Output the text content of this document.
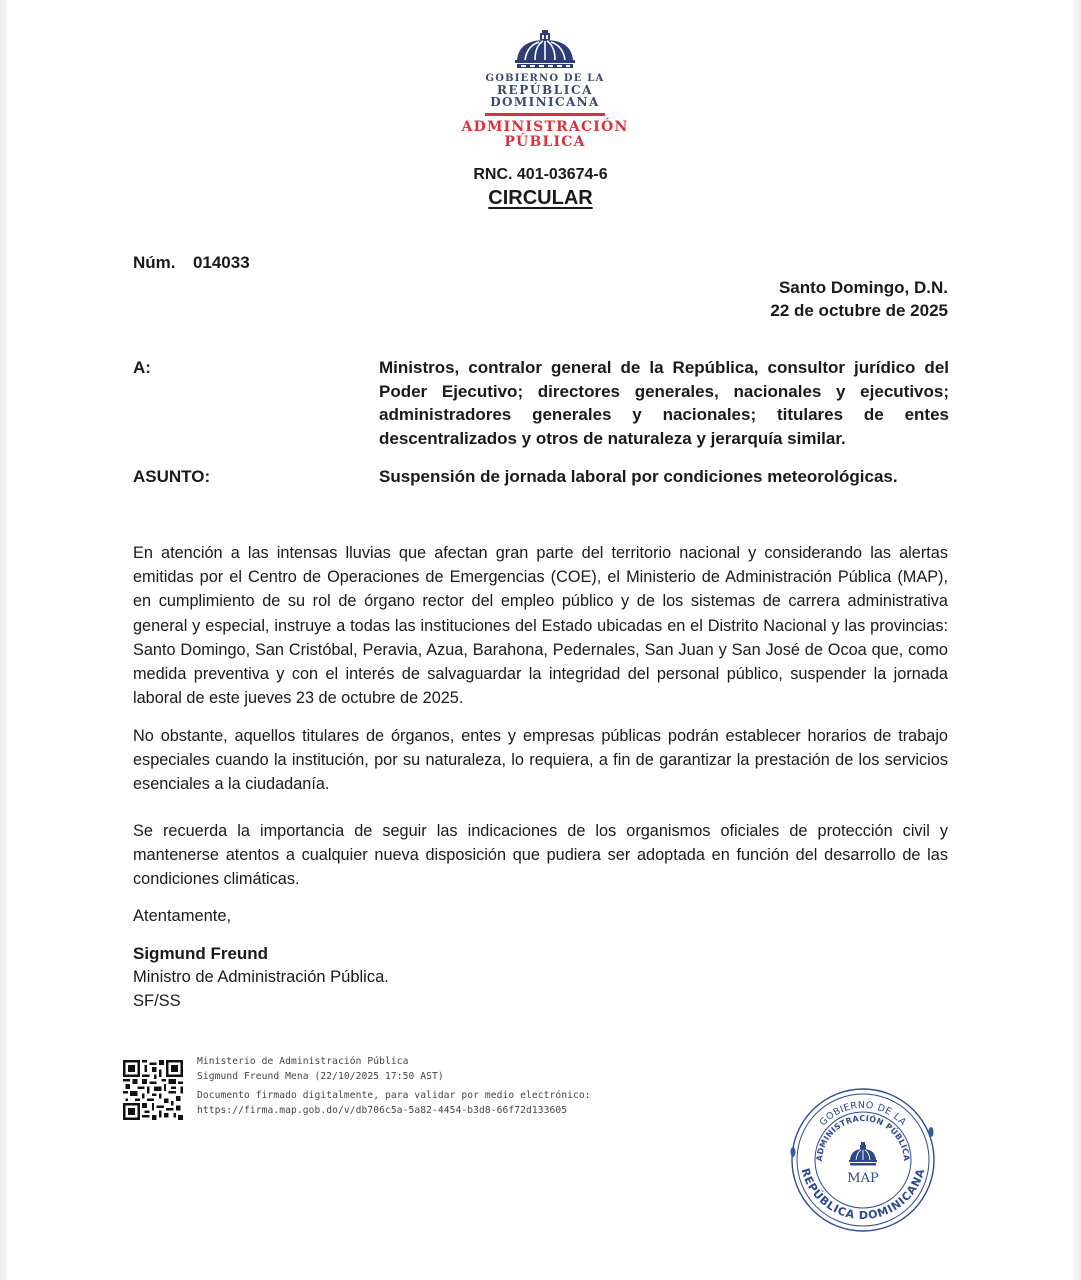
GOBIERNO DE LA
REPÚBLICA
DOMINICANA
ADMINISTRACIÓN
PÚBLICA
RNC. 401-03674-6
CIRCULAR
Núm.  014033
Santo Domingo, D.N.
22 de octubre de 2025
A:	Ministros, contralor general de la República, consultor jurídico del Poder Ejecutivo; directores generales, nacionales y ejecutivos; administradores generales y nacionales; titulares de entes descentralizados y otros de naturaleza y jerarquía similar.
ASUNTO:	Suspensión de jornada laboral por condiciones meteorológicas.
En atención a las intensas lluvias que afectan gran parte del territorio nacional y considerando las alertas emitidas por el Centro de Operaciones de Emergencias (COE), el Ministerio de Administración Pública (MAP), en cumplimiento de su rol de órgano rector del empleo público y de los sistemas de carrera administrativa general y especial, instruye a todas las instituciones del Estado ubicadas en el Distrito Nacional y las provincias: Santo Domingo, San Cristóbal, Peravia, Azua, Barahona, Pedernales, San Juan y San José de Ocoa que, como medida preventiva y con el interés de salvaguardar la integridad del personal público, suspender la jornada laboral de este jueves 23 de octubre de 2025.
No obstante, aquellos titulares de órganos, entes y empresas públicas podrán establecer horarios de trabajo especiales cuando la institución, por su naturaleza, lo requiera, a fin de garantizar la prestación de los servicios esenciales a la ciudadanía.
Se recuerda la importancia de seguir las indicaciones de los organismos oficiales de protección civil y mantenerse atentos a cualquier nueva disposición que pudiera ser adoptada en función del desarrollo de las condiciones climáticas.
Atentamente,
Sigmund Freund
Ministro de Administración Pública.
SF/SS
Ministerio de Administración Pública
Sigmund Freund Mena (22/10/2025 17:50 AST)
Documento firmado digitalmente, para validar por medio electrónico:
https://firma.map.gob.do/v/db706c5a-5a82-4454-b3d8-66f72d133605
GOBIERNO DE LA
ADMINISTRACIÓN PÚBLICA
REPÚBLICA DOMINICANA
MAP
